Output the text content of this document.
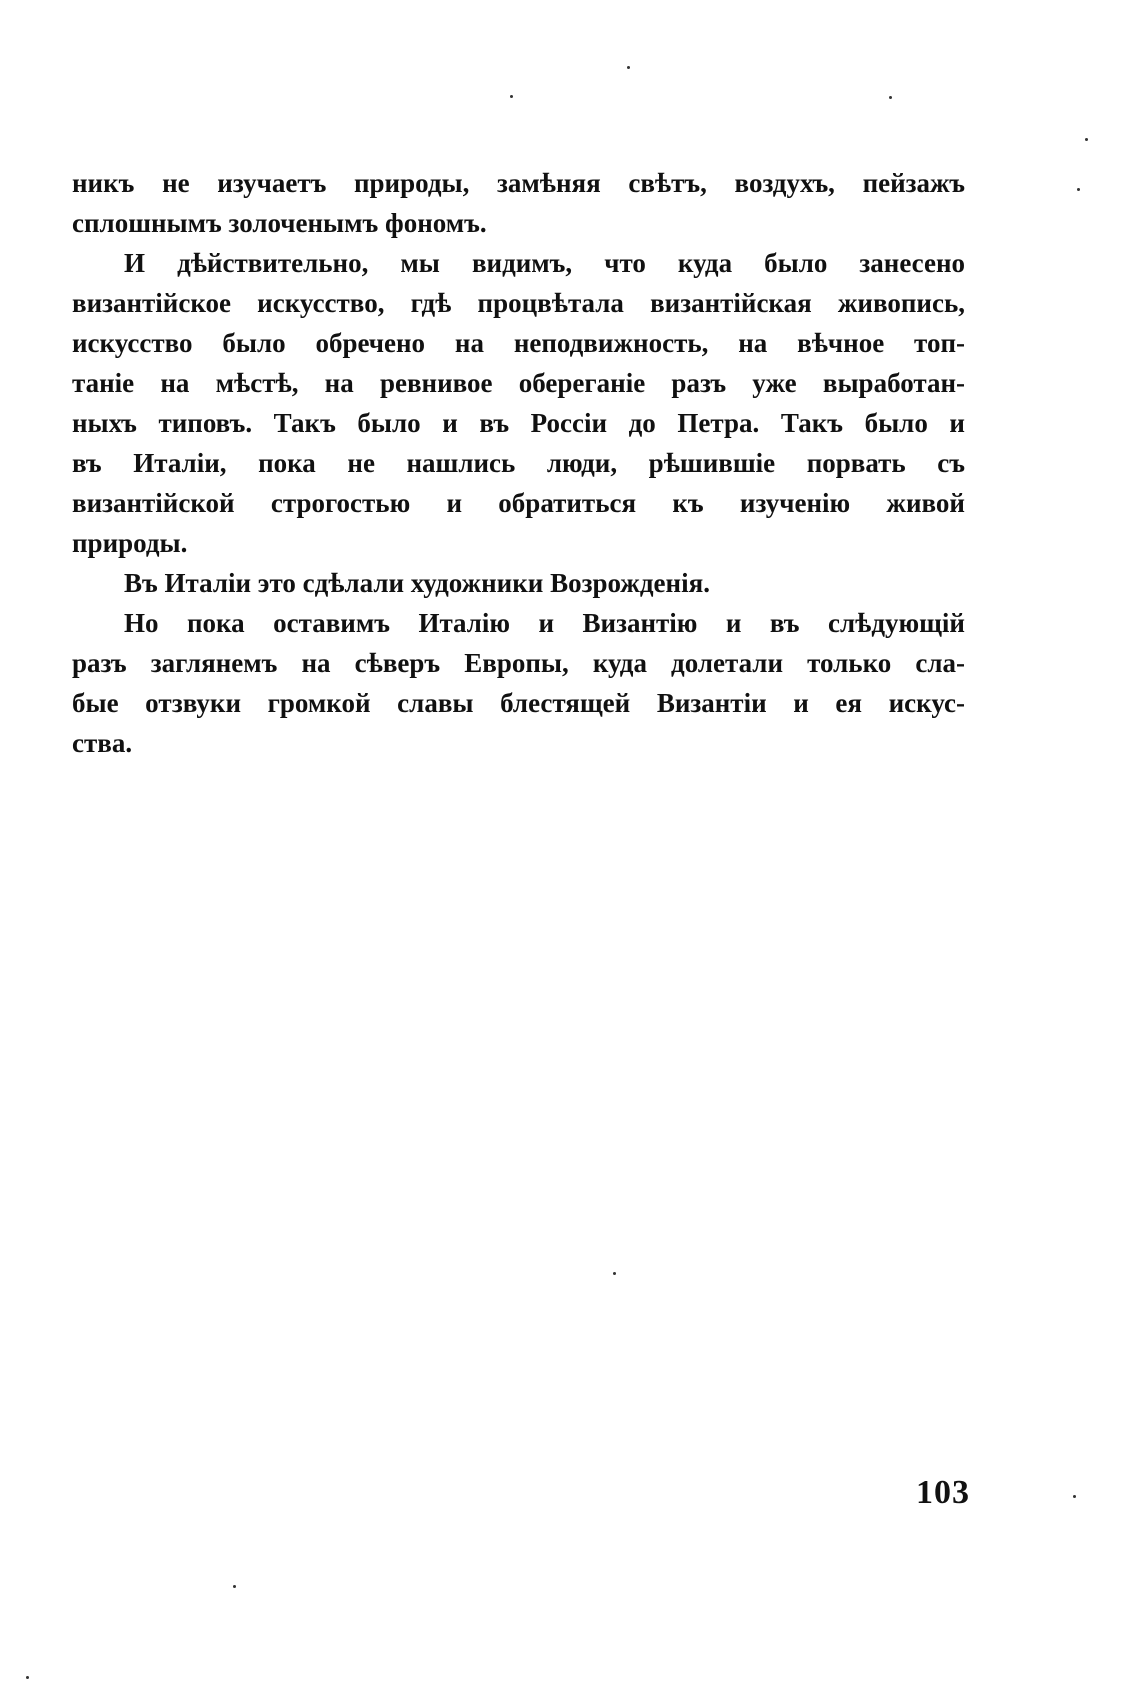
никъ не изучаетъ природы, замѣняя свѣтъ, воздухъ, пейзажъ
сплошнымъ золоченымъ фономъ.
И дѣйствительно, мы видимъ, что куда было занесено
византійское искусство, гдѣ процвѣтала византійская живопись,
искусство было обречено на неподвижность, на вѣчное топ-
таніе на мѣстѣ, на ревнивое обереганіе разъ уже выработан-
ныхъ типовъ. Такъ было и въ Россіи до Петра. Такъ было и
въ Италіи, пока не нашлись люди, рѣшившіе порвать съ
византійской строгостью и обратиться къ изученію живой
природы.
Въ Италіи это сдѣлали художники Возрожденія.
Но пока оставимъ Италію и Византію и въ слѣдующій
разъ заглянемъ на сѣверъ Европы, куда долетали только сла-
бые отзвуки громкой славы блестящей Византіи и ея искус-
ства.
103
